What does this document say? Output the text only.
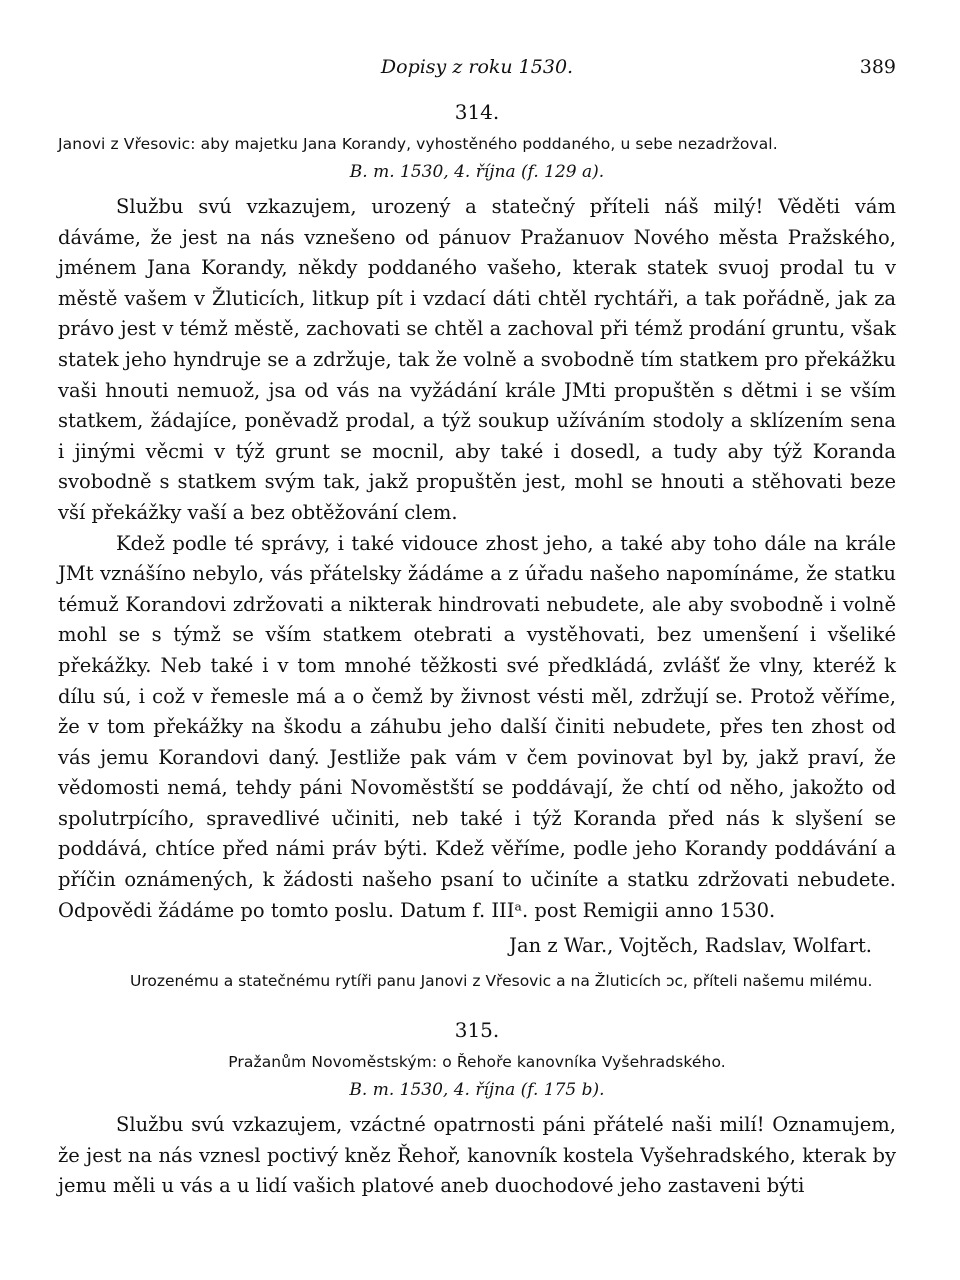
Dopisy z roku 1530.	389
314.

Janovi z Vřesovic: aby majetku Jana Korandy, vyhostěného poddaného, u sebe nezadržoval.

B. m. 1530, 4. října (f. 129 a).

Službu svú vzkazujem, urozený a statečný příteli náš milý! Věděti vám dáváme, že jest na nás vznešeno od pánuov Pražanuov Nového města Pražského, jménem Jana Korandy, někdy poddaného vašeho, kterak statek svuoj prodal tu v městě vašem v Žluticích, litkup pít i vzdací dáti chtěl rychtáři, a tak pořádně, jak za právo jest v témž městě, zachovati se chtěl a zachoval při témž prodání gruntu, však statek jeho hyndruje se a zdržuje, tak že volně a svobodně tím statkem pro překážku vaši hnouti nemuož, jsa od vás na vyžádání krále JMti propuštěn s dětmi i se vším statkem, žádajíce, poněvadž prodal, a týž soukup užíváním stodoly a sklízením sena i jinými věcmi v týž grunt se mocnil, aby také i dosedl, a tudy aby týž Koranda svobodně s statkem svým tak, jakž propuštěn jest, mohl se hnouti a stěhovati beze vší překážky vaší a bez obtěžování clem.

Kdež podle té správy, i také vidouce zhost jeho, a také aby toho dále na krále JMt vznášíno nebylo, vás přátelsky žádáme a z úřadu našeho napomínáme, že statku témuž Korandovi zdržovati a nikterak hindrovati nebudete, ale aby svobodně i volně mohl se s týmž se vším statkem otebrati a vystěhovati, bez umenšení i všeliké překážky. Neb také i v tom mnohé těžkosti své předkládá, zvlášť že vlny, kteréž k dílu sú, i což v řemesle má a o čemž by živnost vésti měl, zdržují se. Protož věříme, že v tom překážky na škodu a záhubu jeho další činiti nebudete, přes ten zhost od vás jemu Korandovi daný. Jestliže pak vám v čem povinovat byl by, jakž praví, že vědomosti nemá, tehdy páni Novoměstští se poddávají, že chtí od něho, jakožto od spolutrpícího, spravedlivé učiniti, neb také i týž Koranda před nás k slyšení se poddává, chtíce před námi práv býti. Kdež věříme, podle jeho Korandy poddávání a příčin oznámených, k žádosti našeho psaní to učiníte a statku zdržovati nebudete. Odpovědi žádáme po tomto poslu. Datum f. IIIᵃ. post Remigii anno 1530.

Jan z War., Vojtěch, Radslav, Wolfart.

Urozenému a statečnému rytíři panu Janovi z Vřesovic a na Žluticích ɔc, příteli našemu milému.

315.

Pražanům Novoměstským: o Řehoře kanovníka Vyšehradského.

B. m. 1530, 4. října (f. 175 b).

Službu svú vzkazujem, vzáctné opatrnosti páni přátelé naši milí! Oznamujem, že jest na nás vznesl poctivý kněz Řehoř, kanovník kostela Vyšehradského, kterak by jemu měli u vás a u lidí vašich platové aneb duochodové jeho zastaveni býti
